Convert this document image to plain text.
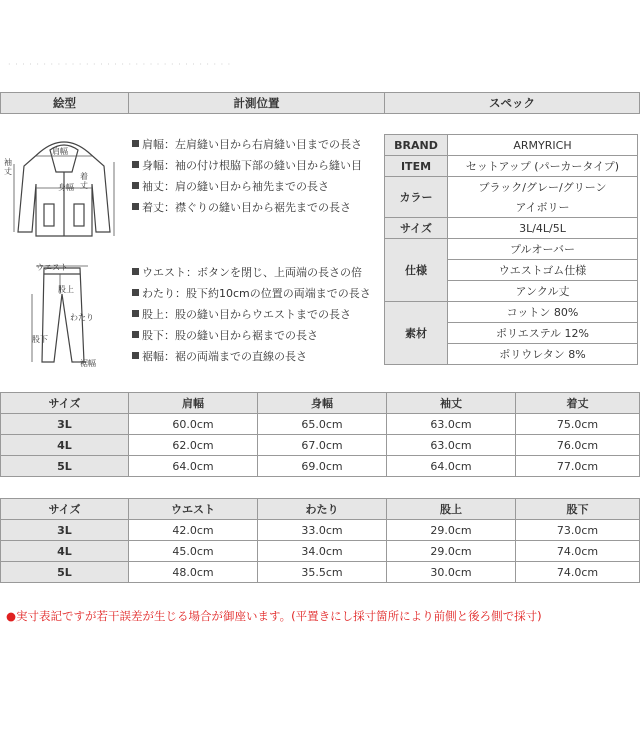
· · · · · · · · · · · · · · · · · · · · · · · · · · · · · · · ·
絵型	計測位置	スペック
肩幅
袖丈
身幅
着丈
ウエスト
股上
わたり
股下
裾幅
肩幅：左肩縫い目から右肩縫い目までの長さ
身幅：袖の付け根脇下部の縫い目から縫い目
袖丈：肩の縫い目から袖先までの長さ
着丈：襟ぐりの縫い目から裾先までの長さ
ウエスト：ボタンを閉じ、上両端の長さの倍
わたり：股下約10cmの位置の両端までの長さ
股上：股の縫い目からウエストまでの長さ
股下：股の縫い目から裾までの長さ
裾幅：裾の両端までの直線の長さ
BRAND	ARMYRICH
ITEM	セットアップ (パーカータイプ)
カラー	ブラック/グレー/グリーン
	アイボリー
サイズ	3L/4L/5L
仕様	プルオーバー
	ウエストゴム仕様
	アンクル丈
素材	コットン 80%
	ポリエステル 12%
	ポリウレタン 8%
サイズ	肩幅	身幅	袖丈	着丈
3L	60.0cm	65.0cm	63.0cm	75.0cm
4L	62.0cm	67.0cm	63.0cm	76.0cm
5L	64.0cm	69.0cm	64.0cm	77.0cm
サイズ	ウエスト	わたり	股上	股下
3L	42.0cm	33.0cm	29.0cm	73.0cm
4L	45.0cm	34.0cm	29.0cm	74.0cm
5L	48.0cm	35.5cm	30.0cm	74.0cm
●実寸表記ですが若干誤差が生じる場合が御座います。(平置きにし採寸箇所により前側と後ろ側で採寸)
